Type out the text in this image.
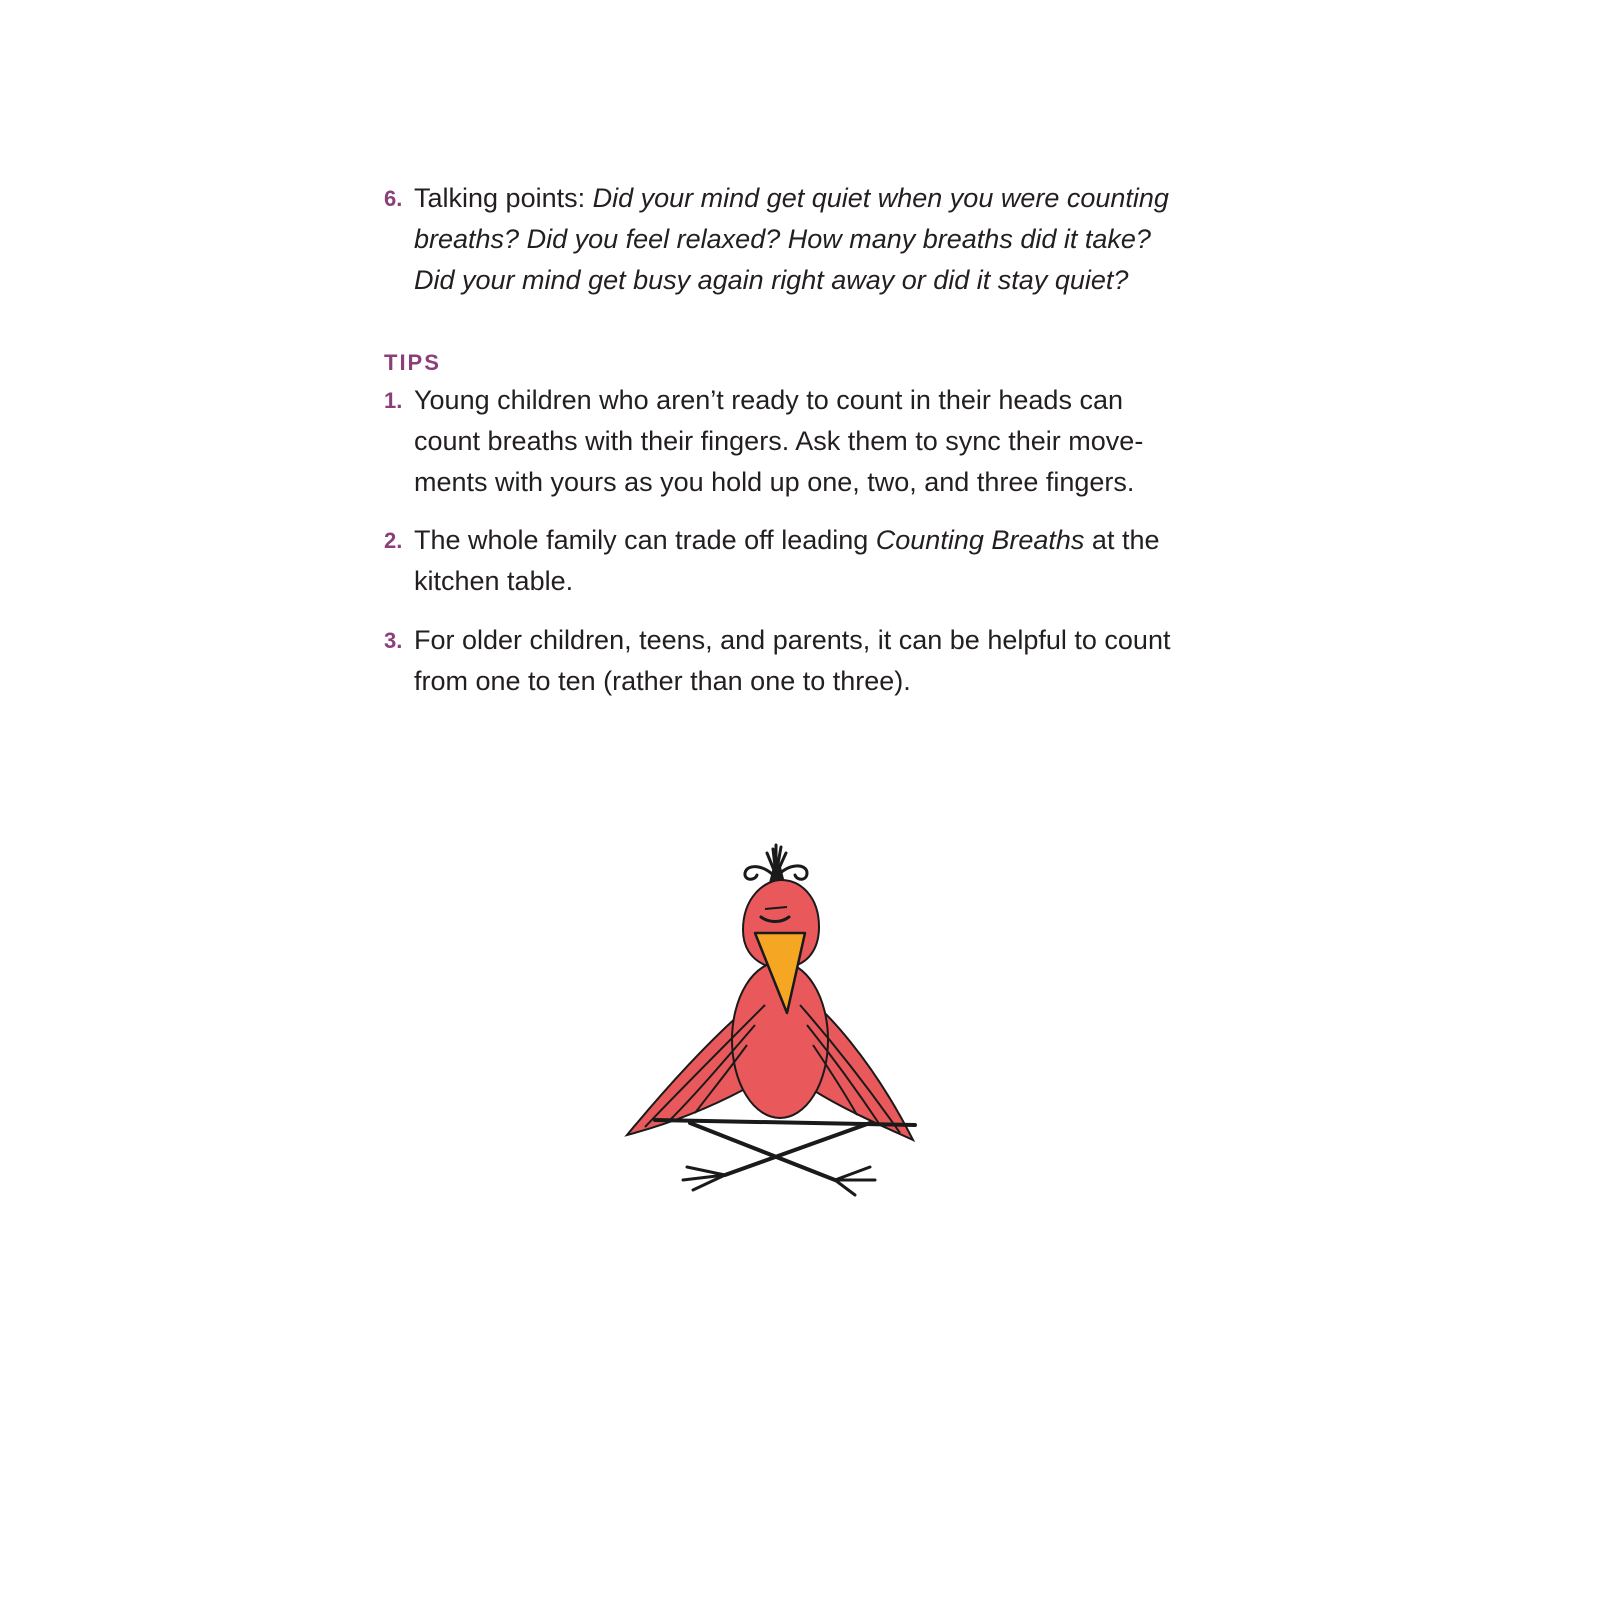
6. Talking points: Did your mind get quiet when you were counting
breaths? Did you feel relaxed? How many breaths did it take?
Did your mind get busy again right away or did it stay quiet?
TIPS
1. Young children who aren’t ready to count in their heads can
count breaths with their fingers. Ask them to sync their move-
ments with yours as you hold up one, two, and three fingers.
2. The whole family can trade off leading Counting Breaths at the
kitchen table.
3. For older children, teens, and parents, it can be helpful to count
from one to ten (rather than one to three).
